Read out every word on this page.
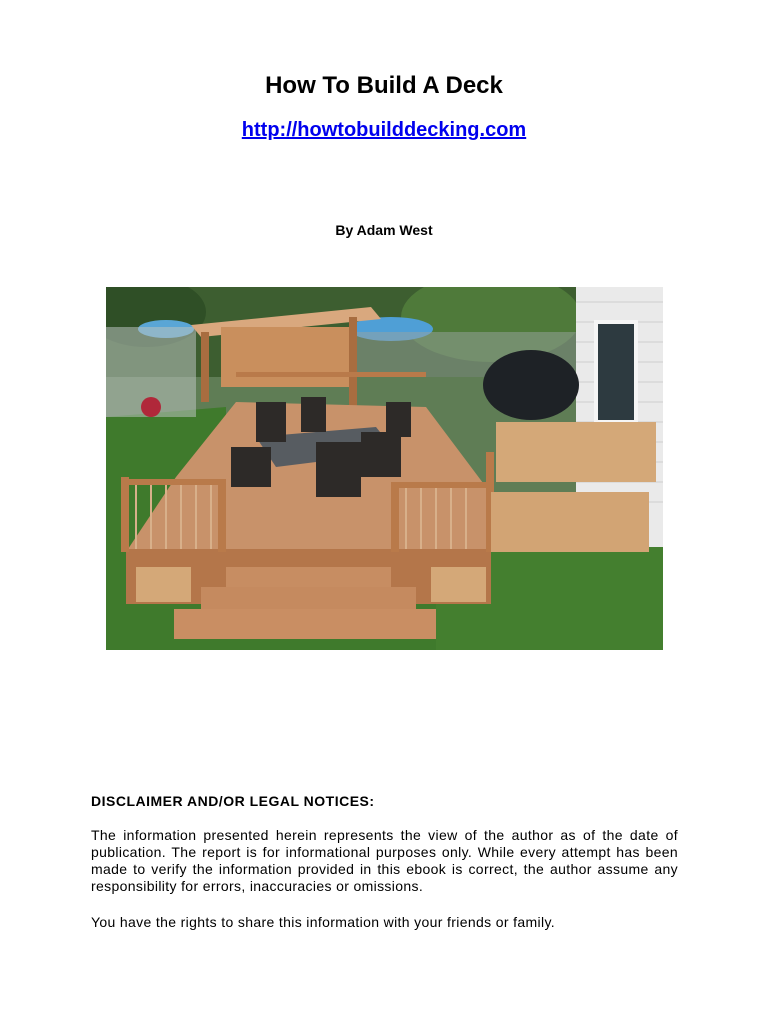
How To Build A Deck
http://howtobuilddecking.com
By Adam West
DISCLAIMER AND/OR LEGAL NOTICES:

The information presented herein represents the view of the author as of the date of publication. The report is for informational purposes only. While every attempt has been made to verify the information provided in this ebook is correct, the author assume any responsibility for errors, inaccuracies or omissions.

You have the rights to share this information with your friends or family.
